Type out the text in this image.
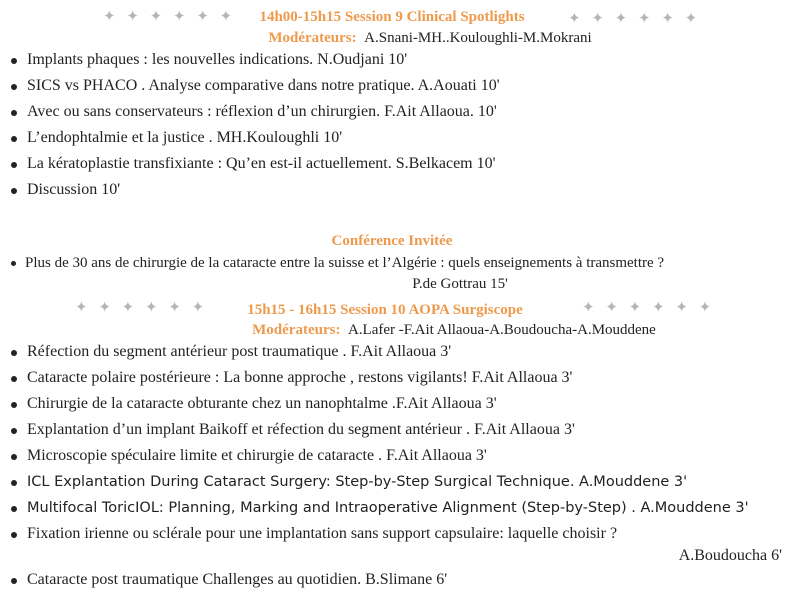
✦ ✦ ✦ ✦ ✦ ✦	✦ ✦ ✦ ✦ ✦ ✦
14h00-15h15 Session 9 Clinical Spotlights
Modérateurs: A.Snani-MH..Kouloughli-M.Mokrani
Implants phaques : les nouvelles indications. N.Oudjani 10'
SICS vs PHACO . Analyse comparative dans notre pratique. A.Aouati 10'
Avec ou sans conservateurs : réflexion d’un chirurgien. F.Ait Allaoua. 10'
L’endophtalmie et la justice . MH.Kouloughli 10'
La kératoplastie transfixiante : Qu’en est-il actuellement. S.Belkacem 10'
Discussion 10'
Conférence Invitée
Plus de 30 ans de chirurgie de la cataracte entre la suisse et l’Algérie : quels enseignements à transmettre ?
P.de Gottrau 15'
✦ ✦ ✦ ✦ ✦ ✦	✦ ✦ ✦ ✦ ✦ ✦
15h15 - 16h15 Session 10 AOPA Surgiscope
Modérateurs: A.Lafer -F.Ait Allaoua-A.Boudoucha-A.Mouddene
Réfection du segment antérieur post traumatique . F.Ait Allaoua 3'
Cataracte polaire postérieure : La bonne approche , restons vigilants! F.Ait Allaoua 3'
Chirurgie de la cataracte obturante chez un nanophtalme .F.Ait Allaoua 3'
Explantation d’un implant Baikoff et réfection du segment antérieur . F.Ait Allaoua 3'
Microscopie spéculaire limite et chirurgie de cataracte . F.Ait Allaoua 3'
ICL Explantation During Cataract Surgery: Step-by-Step Surgical Technique. A.Mouddene 3'
Multifocal ToricIOL: Planning, Marking and Intraoperative Alignment (Step-by-Step) . A.Mouddene 3'
Fixation irienne ou sclérale pour une implantation sans support capsulaire: laquelle choisir ?
A.Boudoucha 6'
Cataracte post traumatique Challenges au quotidien. B.Slimane 6'
